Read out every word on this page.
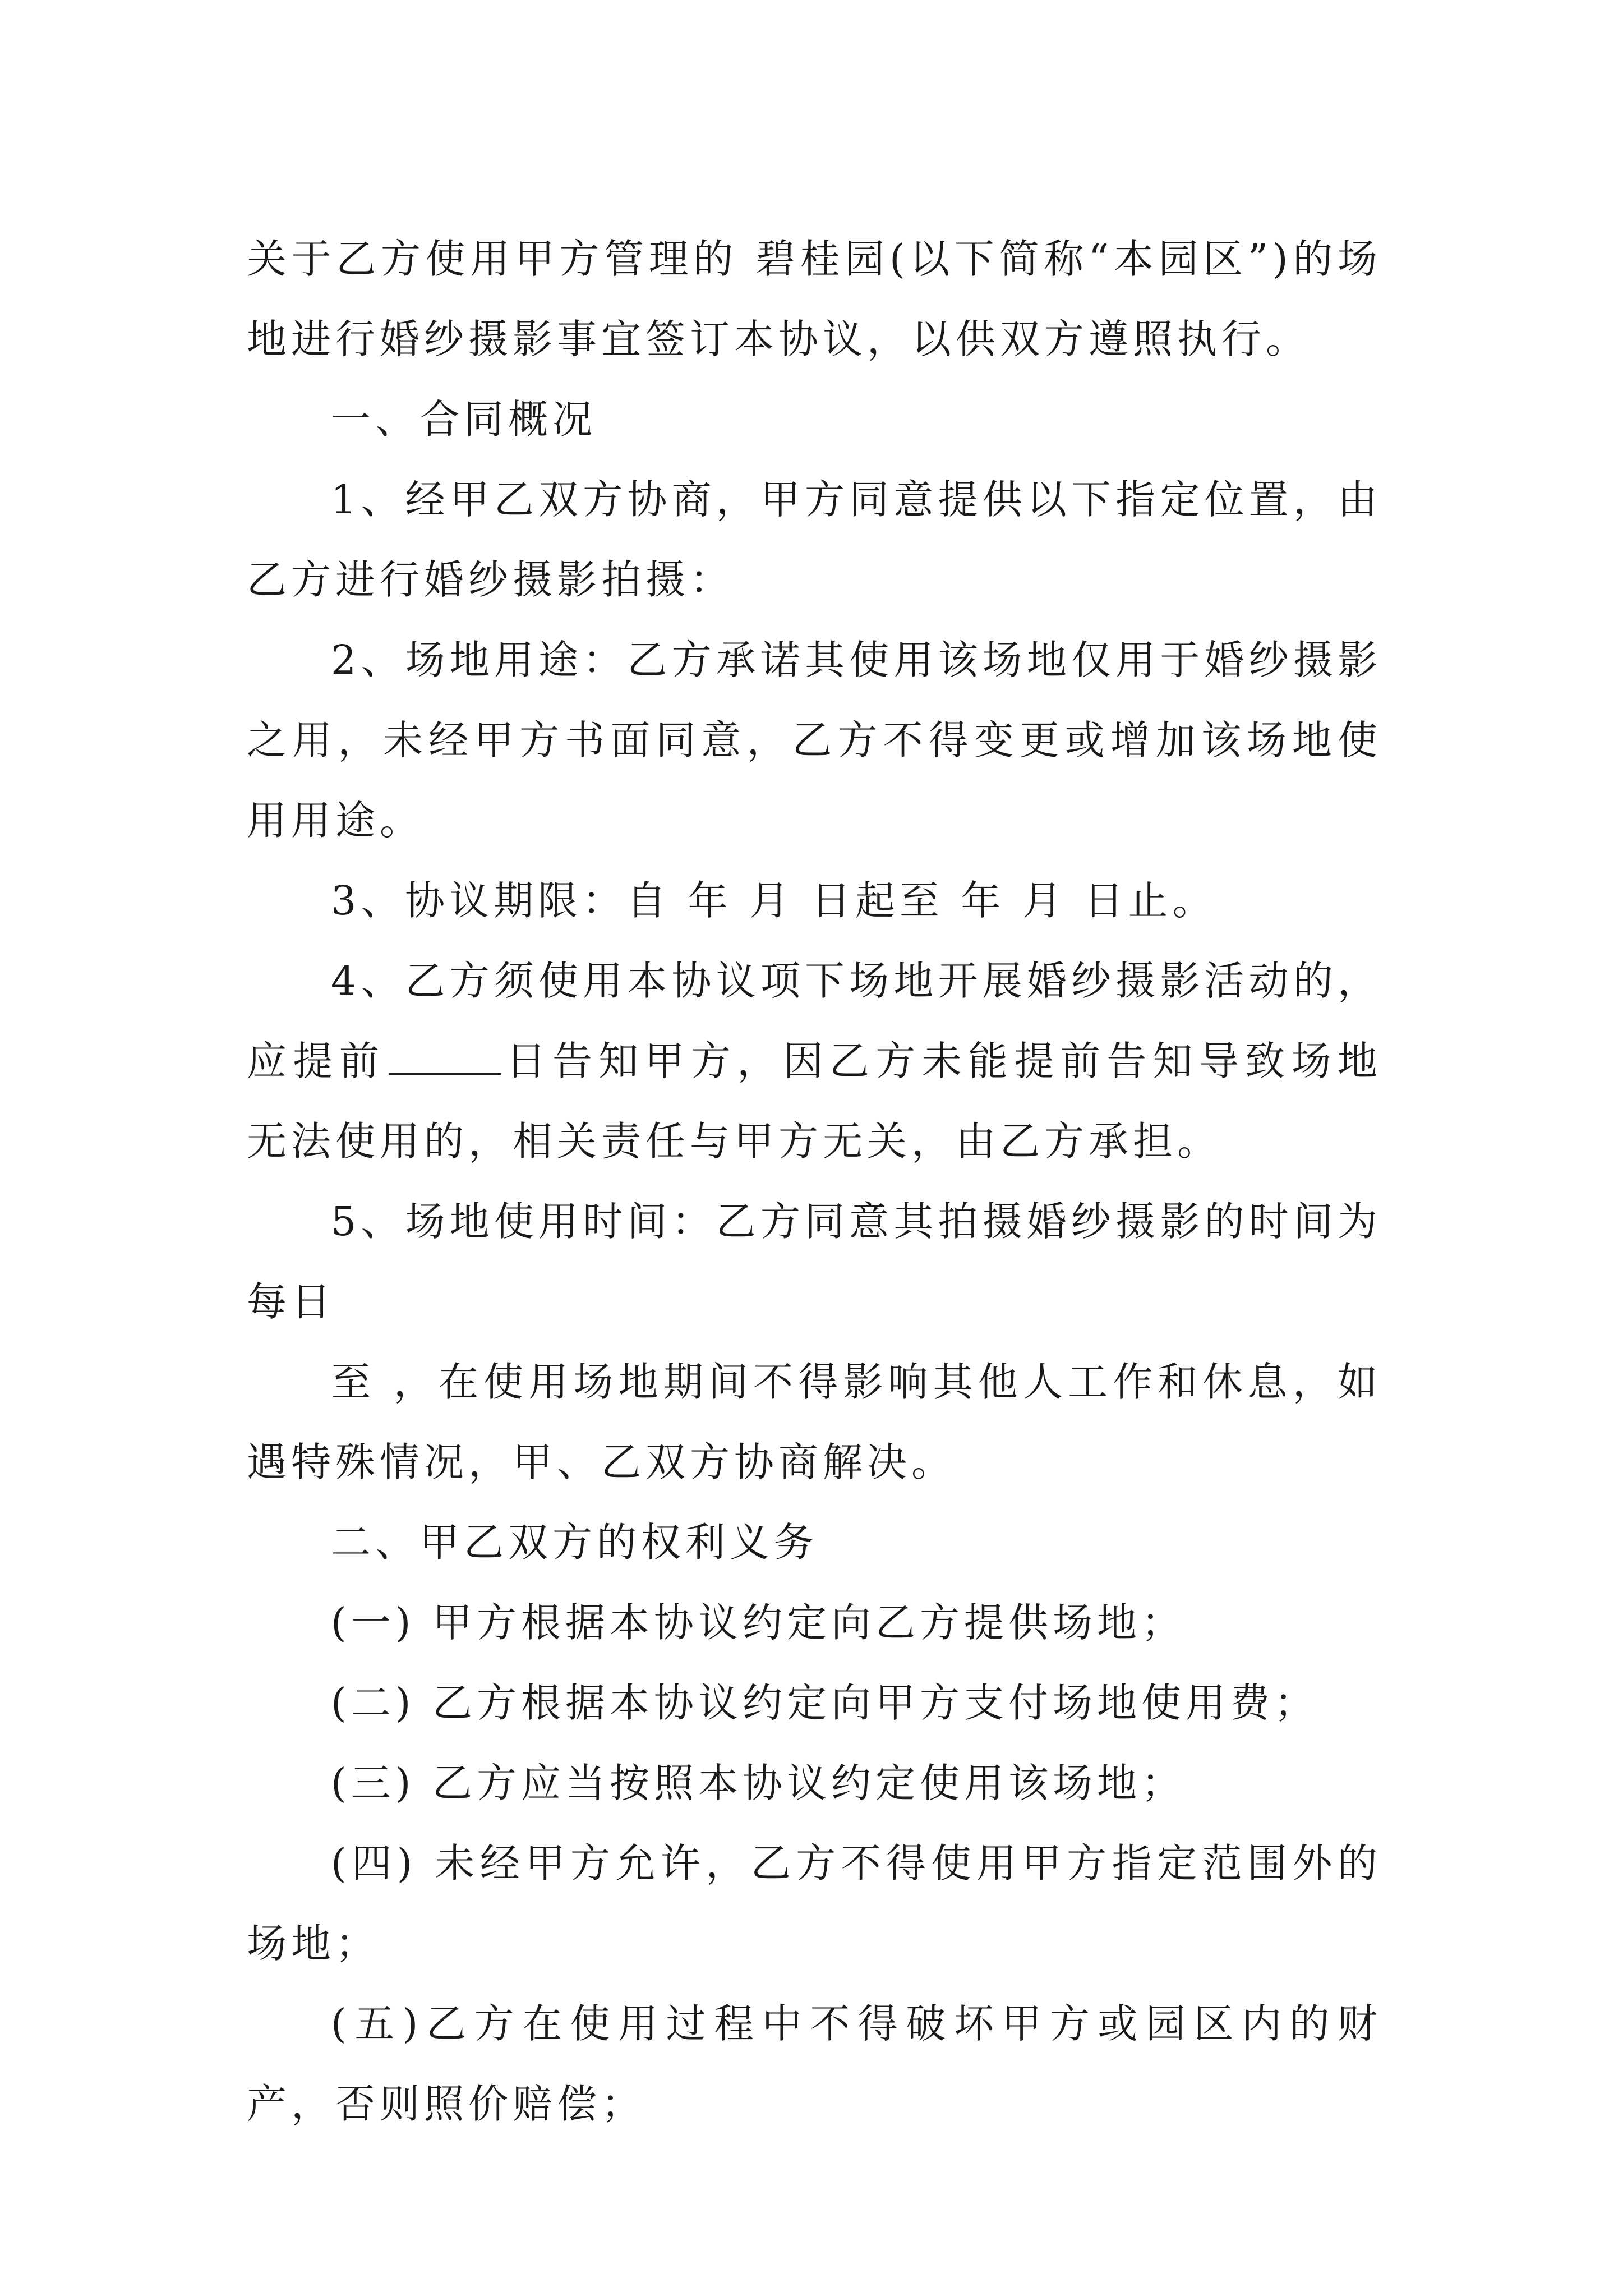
关于乙方使用甲方管理的 碧桂园(以下简称“本园区”)的场地进行婚纱摄影事宜签订本协议，以供双方遵照执行。

一、合同概况

1、经甲乙双方协商，甲方同意提供以下指定位置，由乙方进行婚纱摄影拍摄：

2、场地用途：乙方承诺其使用该场地仅用于婚纱摄影之用，未经甲方书面同意，乙方不得变更或增加该场地使用用途。

3、协议期限：自 年 月 日起至 年 月 日止。

4、乙方须使用本协议项下场地开展婚纱摄影活动的，应提前	日告知甲方，因乙方未能提前告知导致场地无法使用的，相关责任与甲方无关，由乙方承担。

5、场地使用时间：乙方同意其拍摄婚纱摄影的时间为每日

至 ，在使用场地期间不得影响其他人工作和休息，如遇特殊情况，甲、乙双方协商解决。

二、甲乙双方的权利义务

(一) 甲方根据本协议约定向乙方提供场地；

(二) 乙方根据本协议约定向甲方支付场地使用费；

(三) 乙方应当按照本协议约定使用该场地；

(四) 未经甲方允许，乙方不得使用甲方指定范围外的场地；

(五)乙方在使用过程中不得破坏甲方或园区内的财产，否则照价赔偿；
